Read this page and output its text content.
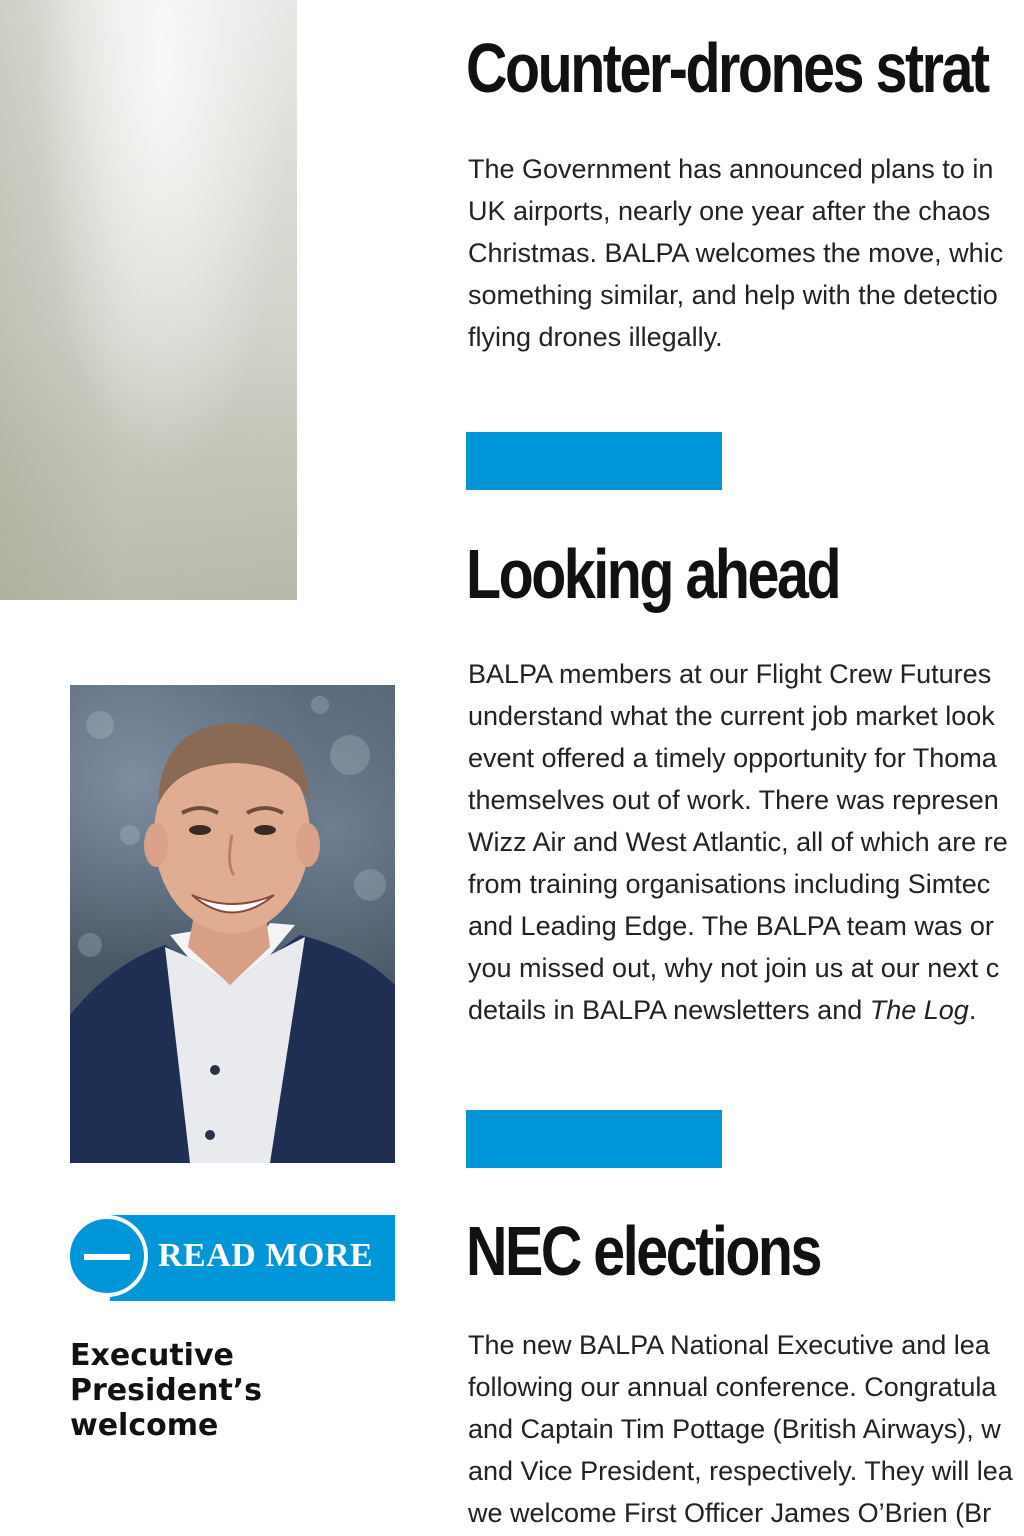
READ MORE
Executive
President’s welcome
Counter-drones strat
The Government has announced plans to in
UK airports, nearly one year after the chaos
Christmas. BALPA welcomes the move, whic
something similar, and help with the detectio
flying drones illegally.
Looking ahead
BALPA members at our Flight Crew Futures
understand what the current job market look
event offered a timely opportunity for Thoma
themselves out of work. There was represen
Wizz Air and West Atlantic, all of which are re
from training organisations including Simtec
and Leading Edge. The BALPA team was or
you missed out, why not join us at our next c
details in BALPA newsletters and The Log.
NEC elections
The new BALPA National Executive and lea
following our annual conference. Congratula
and Captain Tim Pottage (British Airways), w
and Vice President, respectively. They will lea
we welcome First Officer James O’Brien (Br
